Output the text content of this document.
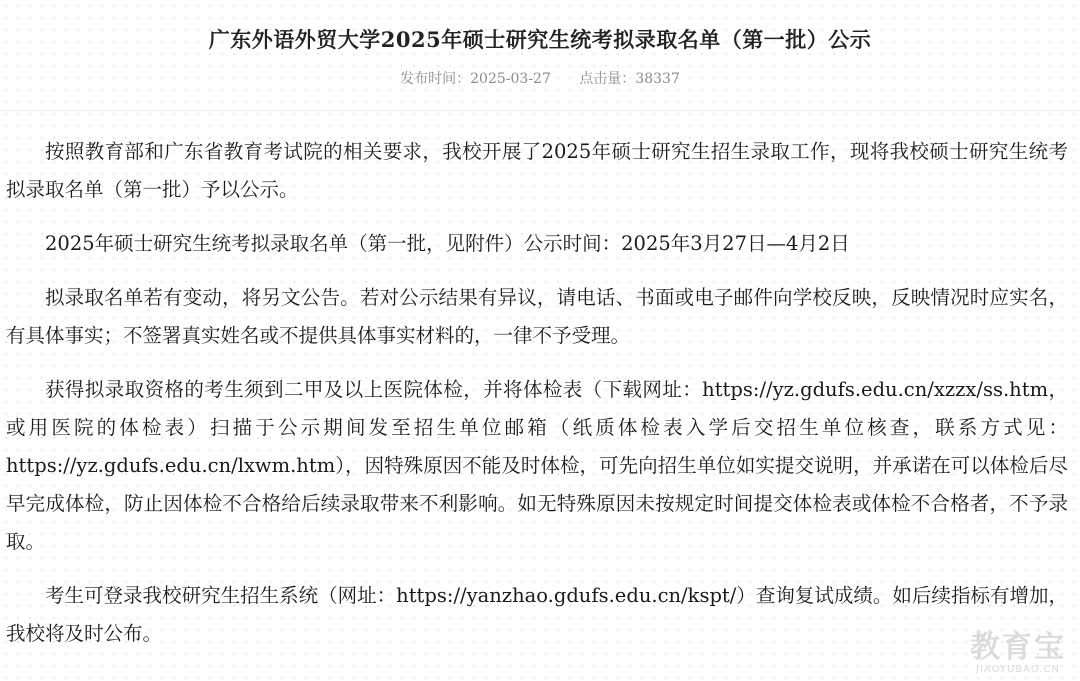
广东外语外贸大学2025年硕士研究生统考拟录取名单（第一批）公示
发布时间：2025-03-27 点击量：38337

按照教育部和广东省教育考试院的相关要求，我校开展了2025年硕士研究生招生录取工作，现将我校硕士研究生统考拟录取名单（第一批）予以公示。

2025年硕士研究生统考拟录取名单（第一批，见附件）公示时间：2025年3月27日—4月2日

拟录取名单若有变动，将另文公告。若对公示结果有异议，请电话、书面或电子邮件向学校反映，反映情况时应实名，有具体事实；不签署真实姓名或不提供具体事实材料的，一律不予受理。

获得拟录取资格的考生须到二甲及以上医院体检，并将体检表（下载网址：https://yz.gdufs.edu.cn/xzzx/ss.htm，或用医院的体检表）扫描于公示期间发至招生单位邮箱（纸质体检表入学后交招生单位核查，联系方式见：https://yz.gdufs.edu.cn/lxwm.htm），因特殊原因不能及时体检，可先向招生单位如实提交说明，并承诺在可以体检后尽早完成体检，防止因体检不合格给后续录取带来不利影响。如无特殊原因未按规定时间提交体检表或体检不合格者，不予录取。

考生可登录我校研究生招生系统（网址：https://yanzhao.gdufs.edu.cn/kspt/）查询复试成绩。如后续指标有增加，我校将及时公布。	教育宝
JIAOYUBAO.CN
